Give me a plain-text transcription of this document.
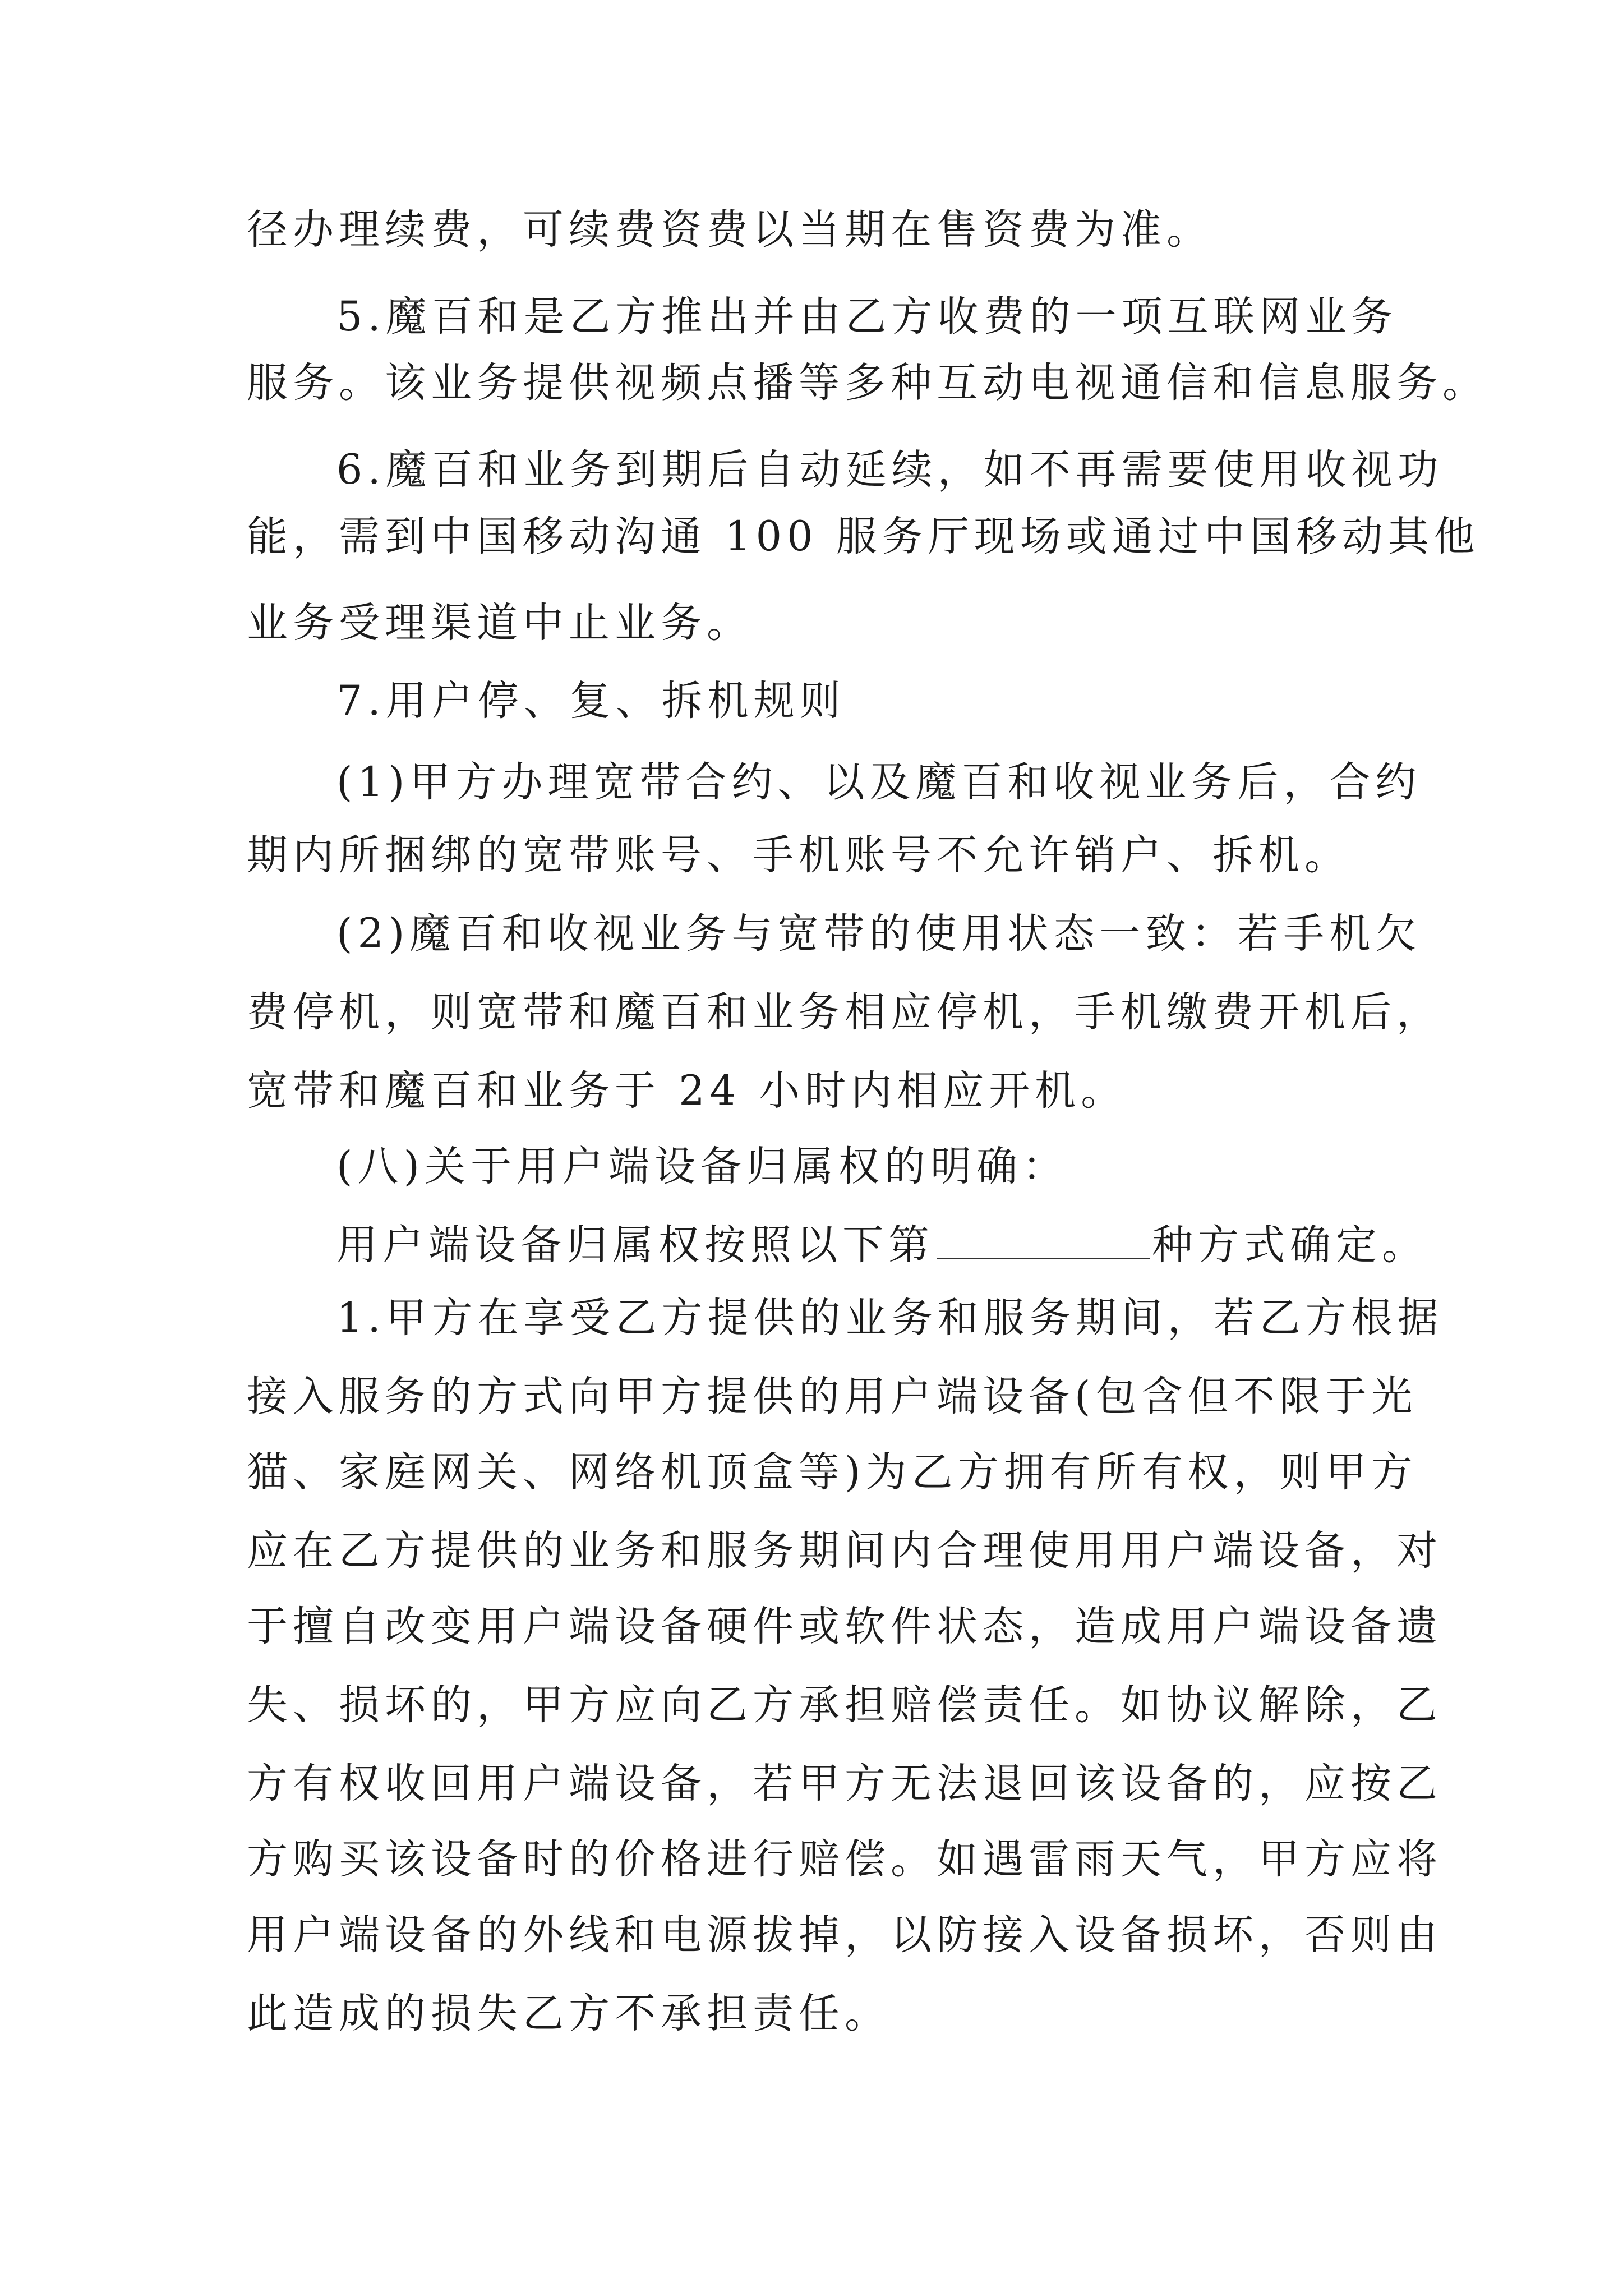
径办理续费，可续费资费以当期在售资费为准。
5.魔百和是乙方推出并由乙方收费的一项互联网业务
服务。该业务提供视频点播等多种互动电视通信和信息服务。
6.魔百和业务到期后自动延续，如不再需要使用收视功
能，需到中国移动沟通 100 服务厅现场或通过中国移动其他
业务受理渠道中止业务。
7.用户停、复、拆机规则
(1)甲方办理宽带合约、以及魔百和收视业务后，合约
期内所捆绑的宽带账号、手机账号不允许销户、拆机。
(2)魔百和收视业务与宽带的使用状态一致：若手机欠
费停机，则宽带和魔百和业务相应停机，手机缴费开机后，
宽带和魔百和业务于 24 小时内相应开机。
(八)关于用户端设备归属权的明确：
用户端设备归属权按照以下第	种方式确定。
1.甲方在享受乙方提供的业务和服务期间，若乙方根据
接入服务的方式向甲方提供的用户端设备(包含但不限于光
猫、家庭网关、网络机顶盒等)为乙方拥有所有权，则甲方
应在乙方提供的业务和服务期间内合理使用用户端设备，对
于擅自改变用户端设备硬件或软件状态，造成用户端设备遗
失、损坏的，甲方应向乙方承担赔偿责任。如协议解除，乙
方有权收回用户端设备，若甲方无法退回该设备的，应按乙
方购买该设备时的价格进行赔偿。如遇雷雨天气，甲方应将
用户端设备的外线和电源拔掉，以防接入设备损坏，否则由
此造成的损失乙方不承担责任。
